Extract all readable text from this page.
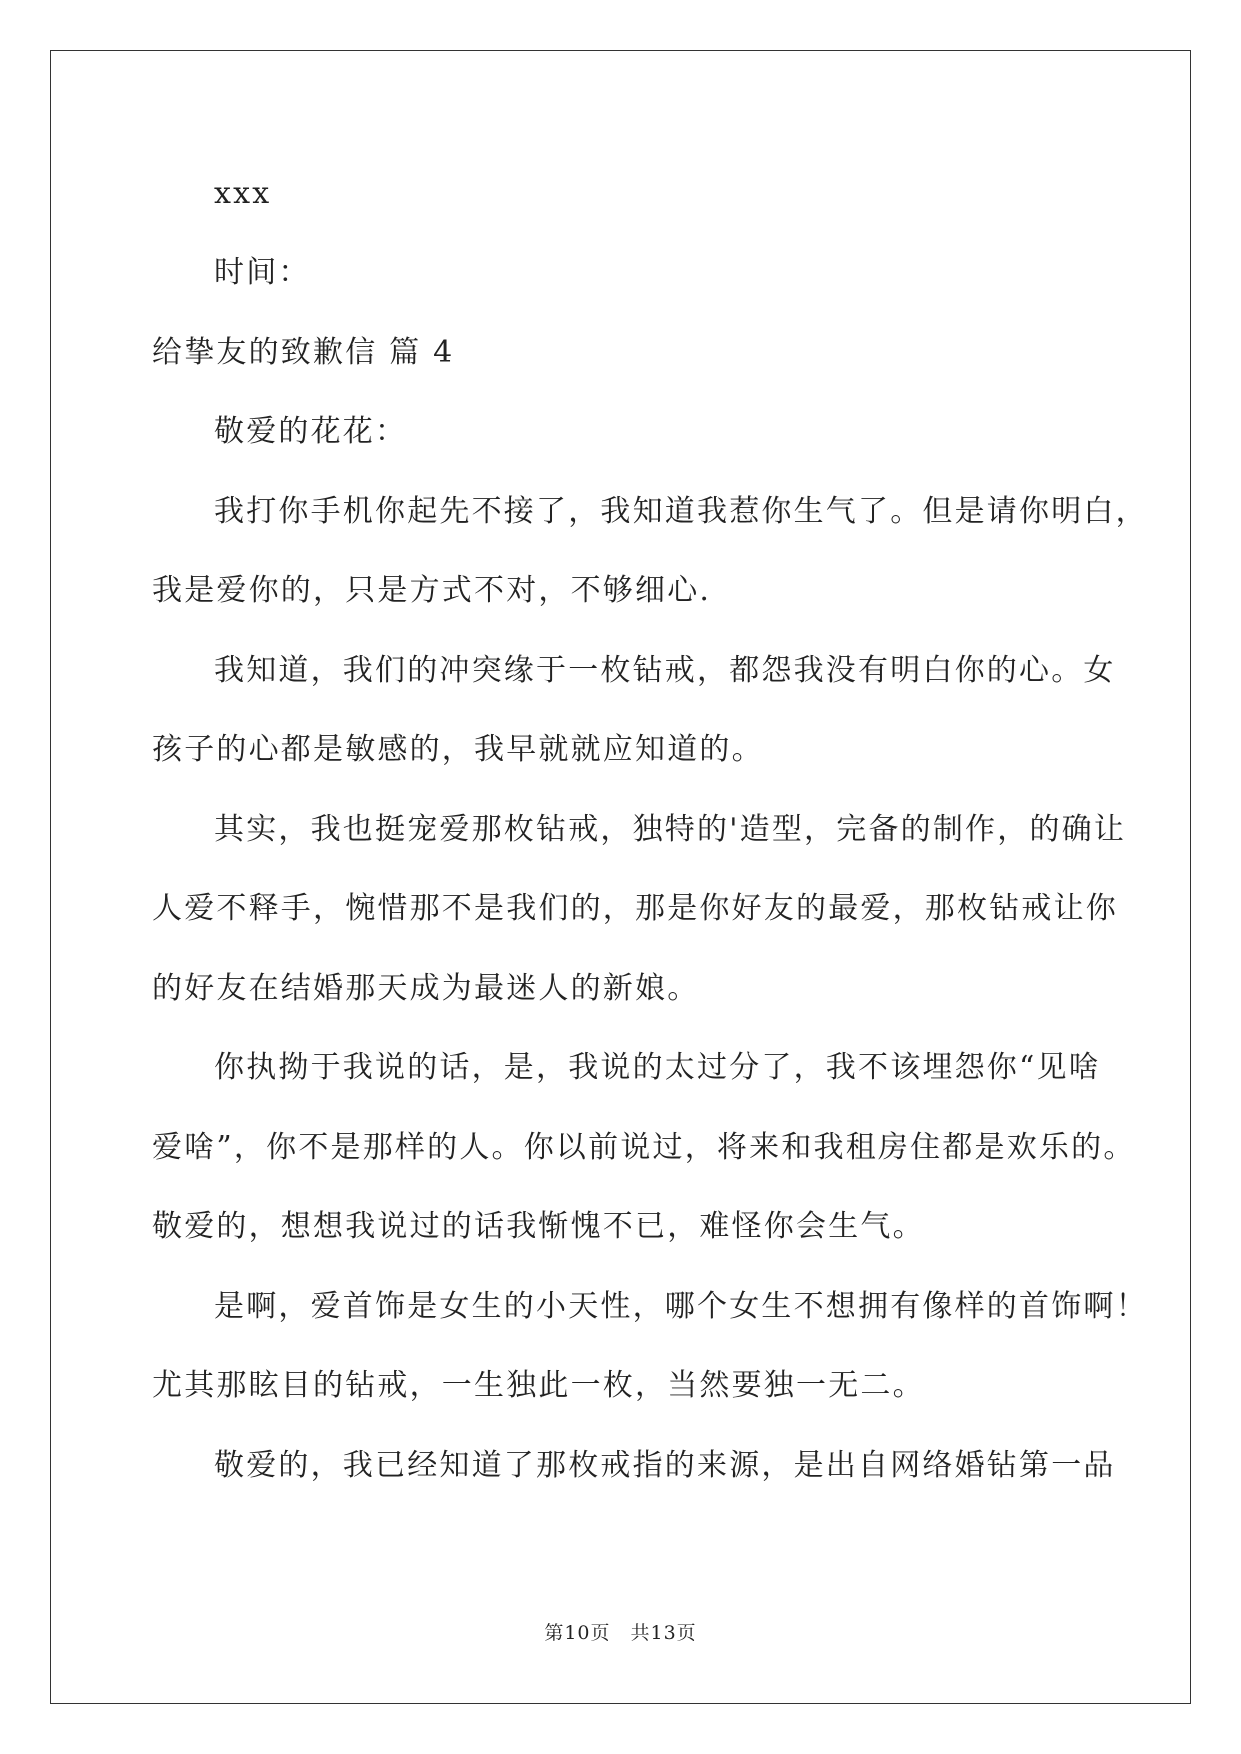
xxx
时间：
给挚友的致歉信 篇 4
敬爱的花花：
我打你手机你起先不接了，我知道我惹你生气了。但是请你明白，
我是爱你的，只是方式不对，不够细心.
我知道，我们的冲突缘于一枚钻戒，都怨我没有明白你的心。女
孩子的心都是敏感的，我早就就应知道的。
其实，我也挺宠爱那枚钻戒，独特的'造型，完备的制作，的确让
人爱不释手，惋惜那不是我们的，那是你好友的最爱，那枚钻戒让你
的好友在结婚那天成为最迷人的新娘。
你执拗于我说的话，是，我说的太过分了，我不该埋怨你“见啥
爱啥”，你不是那样的人。你以前说过，将来和我租房住都是欢乐的。
敬爱的，想想我说过的话我惭愧不已，难怪你会生气。
是啊，爱首饰是女生的小天性，哪个女生不想拥有像样的首饰啊！
尤其那眩目的钻戒，一生独此一枚，当然要独一无二。
敬爱的，我已经知道了那枚戒指的来源，是出自网络婚钻第一品
第10页　共13页
